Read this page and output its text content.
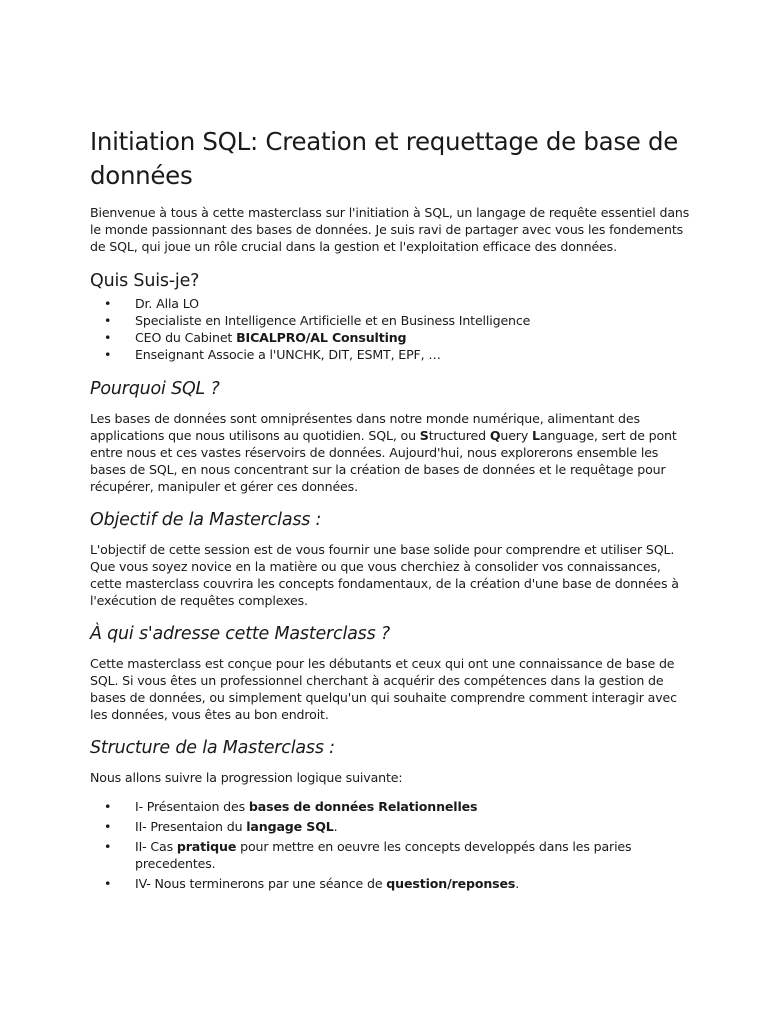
Initiation SQL: Creation et requettage de base de données

Bienvenue à tous à cette masterclass sur l'initiation à SQL, un langage de requête essentiel dans le monde passionnant des bases de données. Je suis ravi de partager avec vous les fondements de SQL, qui joue un rôle crucial dans la gestion et l'exploitation efficace des données.

Quis Suis-je?
• Dr. Alla LO
• Specialiste en Intelligence Artificielle et en Business Intelligence
• CEO du Cabinet BICALPRO/AL Consulting
• Enseignant Associe a l'UNCHK, DIT, ESMT, EPF, …
Pourquoi SQL ?

Les bases de données sont omniprésentes dans notre monde numérique, alimentant des applications que nous utilisons au quotidien. SQL, ou Structured Query Language, sert de pont entre nous et ces vastes réservoirs de données. Aujourd'hui, nous explorerons ensemble les bases de SQL, en nous concentrant sur la création de bases de données et le requêtage pour récupérer, manipuler et gérer ces données.

Objectif de la Masterclass :

L'objectif de cette session est de vous fournir une base solide pour comprendre et utiliser SQL. Que vous soyez novice en la matière ou que vous cherchiez à consolider vos connaissances, cette masterclass couvrira les concepts fondamentaux, de la création d'une base de données à l'exécution de requêtes complexes.

À qui s'adresse cette Masterclass ?

Cette masterclass est conçue pour les débutants et ceux qui ont une connaissance de base de SQL. Si vous êtes un professionnel cherchant à acquérir des compétences dans la gestion de bases de données, ou simplement quelqu'un qui souhaite comprendre comment interagir avec les données, vous êtes au bon endroit.

Structure de la Masterclass :

Nous allons suivre la progression logique suivante:

• I- Présentaion des bases de données Relationnelles
• II- Presentaion du langage SQL.
• II- Cas pratique pour mettre en oeuvre les concepts developpés dans les paries precedentes.
• IV- Nous terminerons par une séance de question/reponses.
